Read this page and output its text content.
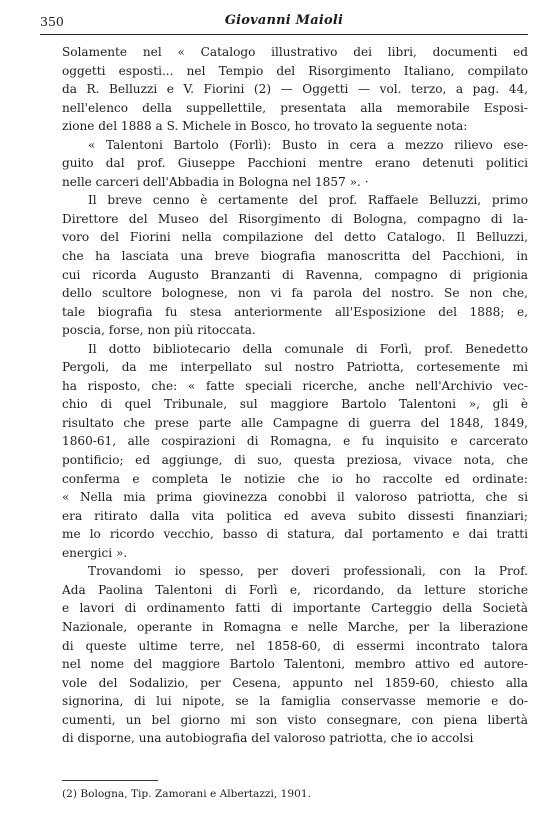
350	Giovanni Maioli
Solamente nel « Catalogo illustrativo dei libri, documenti ed
oggetti esposti... nel Tempio del Risorgimento Italiano, compilato
da R. Belluzzi e V. Fiorini (2) — Oggetti — vol. terzo, a pag. 44,
nell'elenco della suppellettile, presentata alla memorabile Esposi-
zione del 1888 a S. Michele in Bosco, ho trovato la seguente nota:
« Talentoni Bartolo (Forlì): Busto in cera a mezzo rilievo ese-
guito dal prof. Giuseppe Pacchioni mentre erano detenuti politici
nelle carceri dell'Abbadia in Bologna nel 1857 ». ·
Il breve cenno è certamente del prof. Raffaele Belluzzi, primo
Direttore del Museo del Risorgimento di Bologna, compagno di la-
voro del Fiorini nella compilazione del detto Catalogo. Il Belluzzi,
che ha lasciata una breve biografia manoscritta del Pacchioni, in
cui ricorda Augusto Branzanti di Ravenna, compagno di prigionia
dello scultore bolognese, non vi fa parola del nostro. Se non che,
tale biografia fu stesa anteriormente all'Esposizione del 1888; e,
poscia, forse, non più ritoccata.
Il dotto bibliotecario della comunale di Forlì, prof. Benedetto
Pergoli, da me interpellato sul nostro Patriotta, cortesemente mi
ha risposto, che: « fatte speciali ricerche, anche nell'Archivio vec-
chio di quel Tribunale, sul maggiore Bartolo Talentoni », gli è
risultato che prese parte alle Campagne di guerra del 1848, 1849,
1860-61, alle cospirazioni di Romagna, e fu inquisito e carcerato
pontificio; ed aggiunge, di suo, questa preziosa, vivace nota, che
conferma e completa le notizie che io ho raccolte ed ordinate:
« Nella mia prima giovinezza conobbi il valoroso patriotta, che si
era ritirato dalla vita politica ed aveva subito dissesti finanziari;
me lo ricordo vecchio, basso di statura, dal portamento e dai tratti
energici ».
Trovandomi io spesso, per doveri professionali, con la Prof.
Ada Paolina Talentoni di Forlì e, ricordando, da letture storiche
e lavori di ordinamento fatti di importante Carteggio della Società
Nazionale, operante in Romagna e nelle Marche, per la liberazione
di queste ultime terre, nel 1858-60, di essermi incontrato talora
nel nome del maggiore Bartolo Talentoni, membro attivo ed autore-
vole del Sodalizio, per Cesena, appunto nel 1859-60, chiesto alla
signorina, di lui nipote, se la famiglia conservasse memorie e do-
cumenti, un bel giorno mi son visto consegnare, con piena libertà
di disporne, una autobiografia del valoroso patriotta, che io accolsi
(2) Bologna, Tip. Zamorani e Albertazzi, 1901.
